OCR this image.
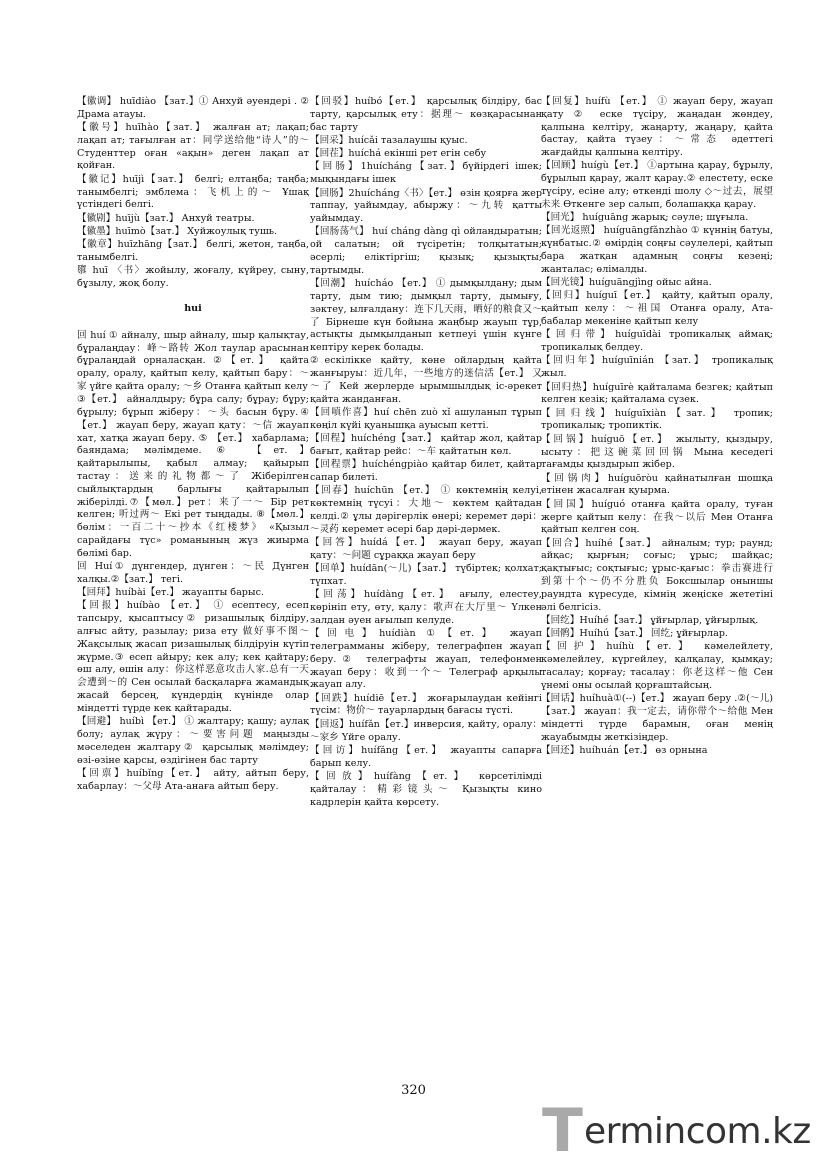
【徽调】 huīdiào 【зат.】① Анхуй әуендері . ② Драма атауы.

【徽号】huīhào【зат.】 жалған ат; лақап; лақап ат; тағылған ат：同学送给他“诗人”的～ Студенттер оған «ақын» деген лақап ат қойған.

【徽记】huījì【зат.】 белгі; елтаңба; таңба; танымбелгі; эмблема：飞机上的～ Ұшақ үстіндегі белгі.

【徽剧】huījù【зат.】 Анхуй театры.

【徽墨】huīmò【зат.】 Хуйжоулық тушь.

【徽章】huīzhāng【зат.】 белгі, жетон, таңба, танымбелгі.

隳 huī 〈书〉жойылу, жоғалу, күйреу, сыну, бұзылу, жоқ болу.

hui

回 huí ① айналу, шыр айналу, шыр қалықтау, бұралаңдау：峰～路转 Жол таулар арасынан бұралаңдай орналасқан. ②【ет.】 қайта оралу, оралу, қайтып келу, қайтып бару：～家 үйге қайта оралу; ～乡 Отанға қайтып келу

③【ет.】 айналдыру; бұра салу; бұрау; бұру; бұрылу; бұрып жіберу：～头 басын бұру.④【ет.】 жауап беру, жауап қату：～信 жауап хат, хатқа жауап беру. ⑤ 【ет.】 хабарлама; баяндама; мәлімдеме. ⑥ 【ет.】 қайтарылыпы, қабыл алмау; қайырып тастау：送来的礼物都～了 Жіберілген сыйлықтардың барлығы қайтарылып жіберілді.⑦【мөл.】рет：来了一～ Бір рет келген; 听过两～ Екі рет тыңдады. ⑧【мөл.】бөлім：一百二十～抄本《红楼梦》 «Қызыл сарайдағы түс» романының жүз жиырма бөлімі бар.

回 Huí① дүнгендер, дүнген：～民 Дүнген халқы.②【зат.】 тегі.

【回拜】huíbài【ет.】 жауапты барыс.

【回报】huíbào 【ет.】 ① есептесу, есеп тапсыру, қысаптысу② ризашылық білдіру, алғыс айту, разылау; риза ету 做好事不图～ Жақсылық жасап ризашылық білдіруін күтіп жүрме.③ есеп айыру; кек алу; кек қайтару; өш алу, өшін алу：你这样恶意攻击人家.总有一天会遭到～的 Сен осылай басқаларға жамандық жасай берсең, күндердің күнінде олар міндетті түрде кек қайтарады.

【回避】 huíbì 【ет.】 ① жалтару; қашу; аулақ болу; аулақ жүру：～要害问题 маңызды мәселеден жалтару② қарсылық мәлімдеу; өзі-өзіне қарсы, өздігінен бас тарту

【回禀】huíbǐng【ет.】 айту, айтып беру, хабарлау：～父母 Ата-анаға айтып беру.

【回驳】huíbó【ет.】 қарсылық білдіру, бас тарту, қарсылық ету：据理～ көзқарасынан бас тарту

【回采】huícǎi тазалаушы қуыс.

【回茬】huíchá екінші рет егін себу

【回肠】1huícháng【зат.】бүйірдегі ішек; мықындағы ішек

【回肠】2huícháng〈书〉【ет.】 өзін қоярға жер таппау, уайымдау, абыржу：～九转 қатты уайымдау.

【回肠荡气】 huí cháng dàng qì ойландыратын; ой салатын; ой түсіретін; толқытатын; әсерлі; еліктіргіш; қызық; қызықты; тартымды.

【回潮】 huícháo 【ет.】 ① дымқылдану; дым тарту, дым тию; дымқыл тарту, дымығу, зәктеу, ылғалдану：连下几天雨，晒好的粮食又～了 Бірнеше күн бойына жаңбыр жауып тұр, астықты дымқылданып кетпеуі үшін күнге кептіру керек болады.

②ескілікке қайту, көне ойлардың қайта жанғыруы：近几年，一些地方的迷信活【ет.】 又～了 Кей жерлерде ырымшылдық іс-әрекет қайта жанданған.

【回嗔作喜】huí chēn zuò xǐ ашуланып тұрып көңіл күйі қуанышқа ауысып кетті.

【回程】huíchéng【зат.】 қайтар жол, қайтар бағыт, қайтар рейс：～车 қайтатын көл.

【回程票】huíchéngpiào қайтар билет, қайтар сапар билеті.

【回春】huíchūn 【ет.】 ① көктемнің келуі, көктемнің түсуі：大地～ көктем қайтадан келді.② ұлы дәрігерлік өнері; керемет дәрі：～灵药 керемет әсері бар дәрі-дәрмек.

【回答】huídá【ет.】 жауап беру, жауап қату：～问题 сұраққа жауап беру

【回单】huídān(～儿)【зат.】 түбіртек; қолхат; түпхат.

【回荡】huídàng【ет.】 ағылу, елестеу, көрініп ету, өту, қалу：歌声在大厅里～ Үлкен залдан әуен ағылып келуде.

【回电】huídiàn ①【ет.】 жауап телеграмманы жіберу, телеграфпен жауап беру.② телеграфты жауап, телефонмен жауап беру：收到一个～ Телеграф арқылы жауап алу.

【回跌】huídiē【ет.】 жоғарылаудан кейінгі түсім：物价～ тауарлардың бағасы түсті.

【回返】huífǎn【ет.】инверсия, қайту, оралу：～家乡 Үйге оралу.

【回访】huífǎng【ет.】 жауапты сапарға барып келу.

【回放】huífàng【ет.】 көрсетілімді қайталау：精彩镜头～ Қызықты кино кадрлерін қайта көрсету.

【回复】huífù 【ет.】 ① жауап беру, жауап қату ② еске түсіру, жаңадан жөндеу, қалпына келтіру, жаңарту, жаңару, қайта бастау, қайта түзеу：～常态 әдеттегі жағдайды қалпына келтіру.

【回顾】huígù【ет.】 ①артына қарау, бұрылу, бұрылып қарау, жалт қарау.② елестету, еске түсіру, есіне алу; өткенді шолу ◇～过去，展望未来 Өткенге зер салып, болашаққа қарау.

【回光】 huíguāng жарық; сәуле; шұғыла.

【回光返照】 huíguāngfǎnzhào ① күннің батуы, күнбатыс.② өмірдің соңғы сәулелері, қайтып бара жатқан адамның соңғы кезеңі; жанталас; өлімалды.

【回光镜】huíguāngjìng ойыс айна.

【回归】huíguī【ет.】 қайту, қайтып оралу, қайтып келу：～祖国 Отанға оралу, Ата-бабалар мекеніне қайтып келу

【回归带】huíguīdài тропикалық аймақ; тропикалық белдеу.

【回归年】huíguīnián 【зат.】 тропикалық жыл.

【回归热】huíguīrè қайталама безгек; қайтып келген кезік; қайталама сүзек.

【回归线】huíguīxiàn【зат.】 тропик; тропикалық; тропиктік.

【回锅】huíguō【ет.】 жылыту, қыздыру, ысыту：把这碗菜回回锅 Мына кеседегі тағамды қыздырып жібер.

【回锅肉】huíguōròu қайнатылған шошқа етінен жасалған қуырма.

【回国】huíguó отанға қайта оралу, туған жерге қайтып келу：在我～以后 Мен Отанға қайтып келген соң.

【回合】huíhé【зат.】 айналым; тур; раунд; айқас; қырғын; соғыс; ұрыс; шайқас; қақтығыс; соқтығыс; ұрыс-қағыс：拳击赛进行到第十个～仍不分胜负 Боксшылар оныншы раундта күресуде, кімнің жеңіске жететіні әлі белгісіз.

【回纥】Huíhé【зат.】 ұйғырлар, ұйғырлық.

【回鹘】Huíhú【зат.】 回纥; ұйғырлар.

【回护】huíhù【ет.】 кәмелейлету, кәмелейлеу, күргейлеу, қалқалау, қымқау; тасалау; қорғау; тасалау：你老这样～他 Сен үнемі оны осылай қорғаштайсың.

【回话】huíhuà①(--)【ет.】 жауап беру .②(～儿)【зат.】 жауап：我一定去，请你带个～给他 Мен міндетті түрде барамын, оған менің жауабымды жеткізіңдер.

【回还】huíhuán【ет.】 өз орнына

320
T ermincom.kz
